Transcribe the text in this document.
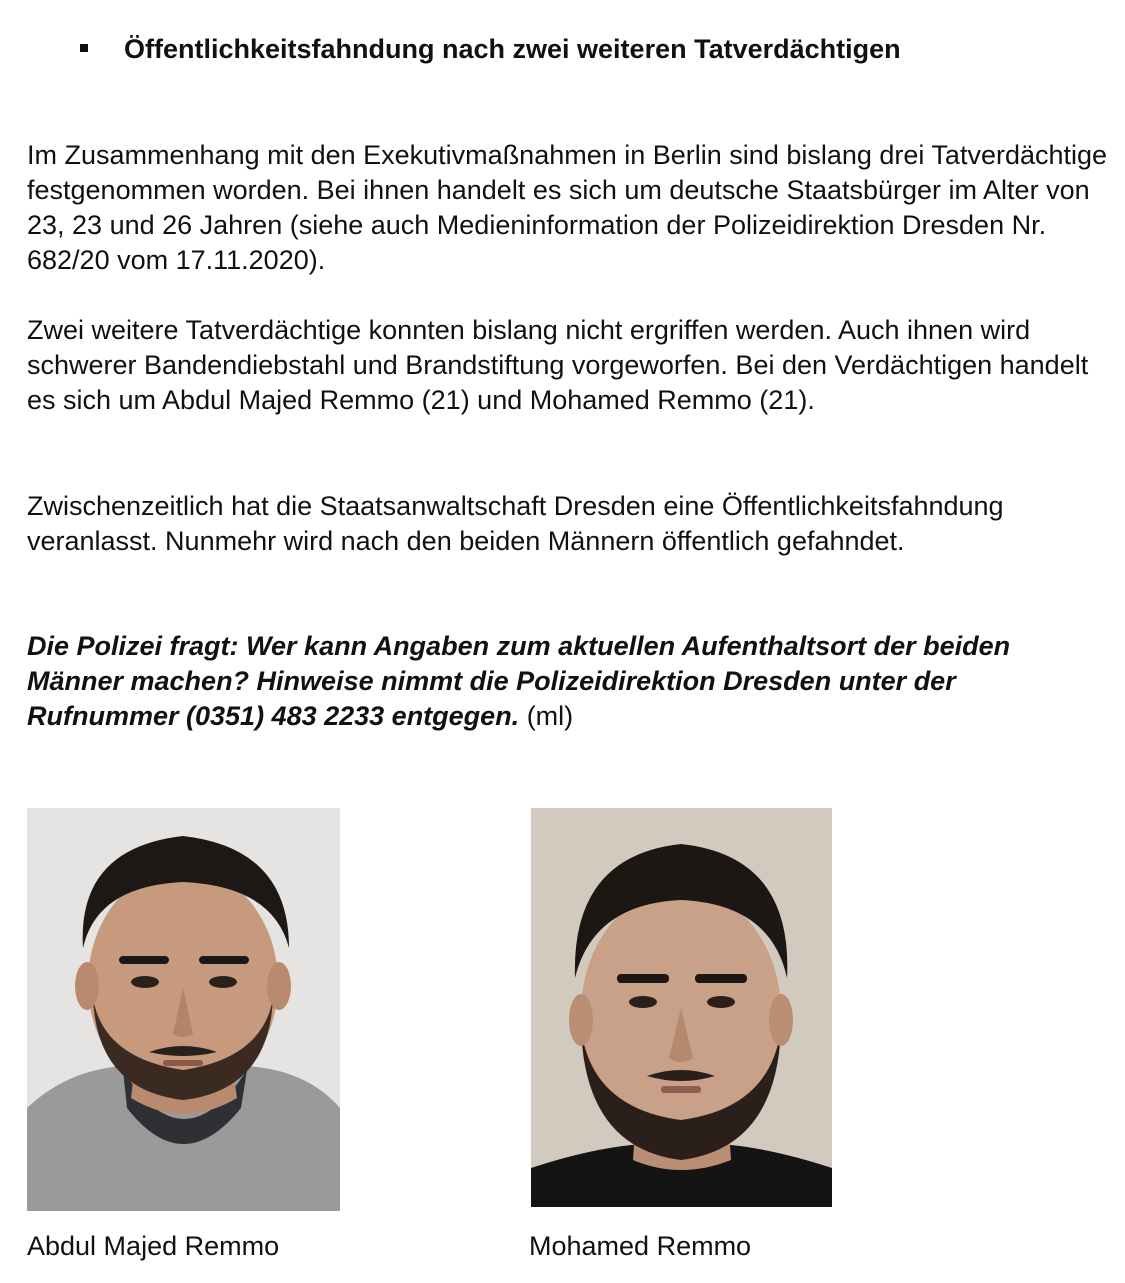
Öffentlichkeitsfahndung nach zwei weiteren Tatverdächtigen

Im Zusammenhang mit den Exekutivmaßnahmen in Berlin sind bislang drei Tatverdächtige festgenommen worden. Bei ihnen handelt es sich um deutsche Staatsbürger im Alter von 23, 23 und 26 Jahren (siehe auch Medieninformation der Polizeidirektion Dresden Nr. 682/20 vom 17.11.2020).

Zwei weitere Tatverdächtige konnten bislang nicht ergriffen werden. Auch ihnen wird schwerer Bandendiebstahl und Brandstiftung vorgeworfen. Bei den Verdächtigen handelt es sich um Abdul Majed Remmo (21) und Mohamed Remmo (21).

Zwischenzeitlich hat die Staatsanwaltschaft Dresden eine Öffentlichkeitsfahndung veranlasst. Nunmehr wird nach den beiden Männern öffentlich gefahndet.

Die Polizei fragt: Wer kann Angaben zum aktuellen Aufenthaltsort der beiden Männer machen? Hinweise nimmt die Polizeidirektion Dresden unter der Rufnummer (0351) 483 2233 entgegen. (ml)

Abdul Majed Remmo	Mohamed Remmo
